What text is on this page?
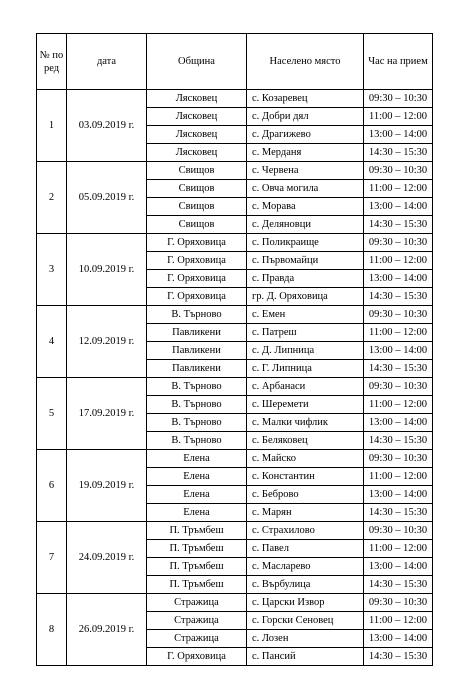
№ по ред	дата	Община	Населено място	Час на прием
1	03.09.2019 г.	Лясковец	с. Козаревец	09:30 – 10:30
		Лясковец	с. Добри дял	11:00 – 12:00
		Лясковец	с. Драгижево	13:00 – 14:00
		Лясковец	с. Мерданя	14:30 – 15:30
2	05.09.2019 г.	Свищов	с. Червена	09:30 – 10:30
		Свищов	с. Овча могила	11:00 – 12:00
		Свищов	с. Морава	13:00 – 14:00
		Свищов	с. Деляновци	14:30 – 15:30
3	10.09.2019 г.	Г. Оряховица	с. Поликраище	09:30 – 10:30
		Г. Оряховица	с. Първомайци	11:00 – 12:00
		Г. Оряховица	с. Правда	13:00 – 14:00
		Г. Оряховица	гр. Д. Оряховица	14:30 – 15:30
4	12.09.2019 г.	В. Търново	с. Емен	09:30 – 10:30
		Павликени	с. Патреш	11:00 – 12:00
		Павликени	с. Д. Липница	13:00 – 14:00
		Павликени	с. Г. Липница	14:30 – 15:30
5	17.09.2019 г.	В. Търново	с. Арбанаси	09:30 – 10:30
		В. Търново	с. Шеремети	11:00 – 12:00
		В. Търново	с. Малки чифлик	13:00 – 14:00
		В. Търново	с. Беляковец	14:30 – 15:30
6	19.09.2019 г.	Елена	с. Майско	09:30 – 10:30
		Елена	с. Константин	11:00 – 12:00
		Елена	с. Беброво	13:00 – 14:00
		Елена	с. Марян	14:30 – 15:30
7	24.09.2019 г.	П. Тръмбеш	с. Страхилово	09:30 – 10:30
		П. Тръмбеш	с. Павел	11:00 – 12:00
		П. Тръмбеш	с. Масларево	13:00 – 14:00
		П. Тръмбеш	с. Върбулица	14:30 – 15:30
8	26.09.2019 г.	Стражица	с. Царски Извор	09:30 – 10:30
		Стражица	с. Горски Сеновец	11:00 – 12:00
		Стражица	с. Лозен	13:00 – 14:00
		Г. Оряховица	с. Пансий	14:30 – 15:30
